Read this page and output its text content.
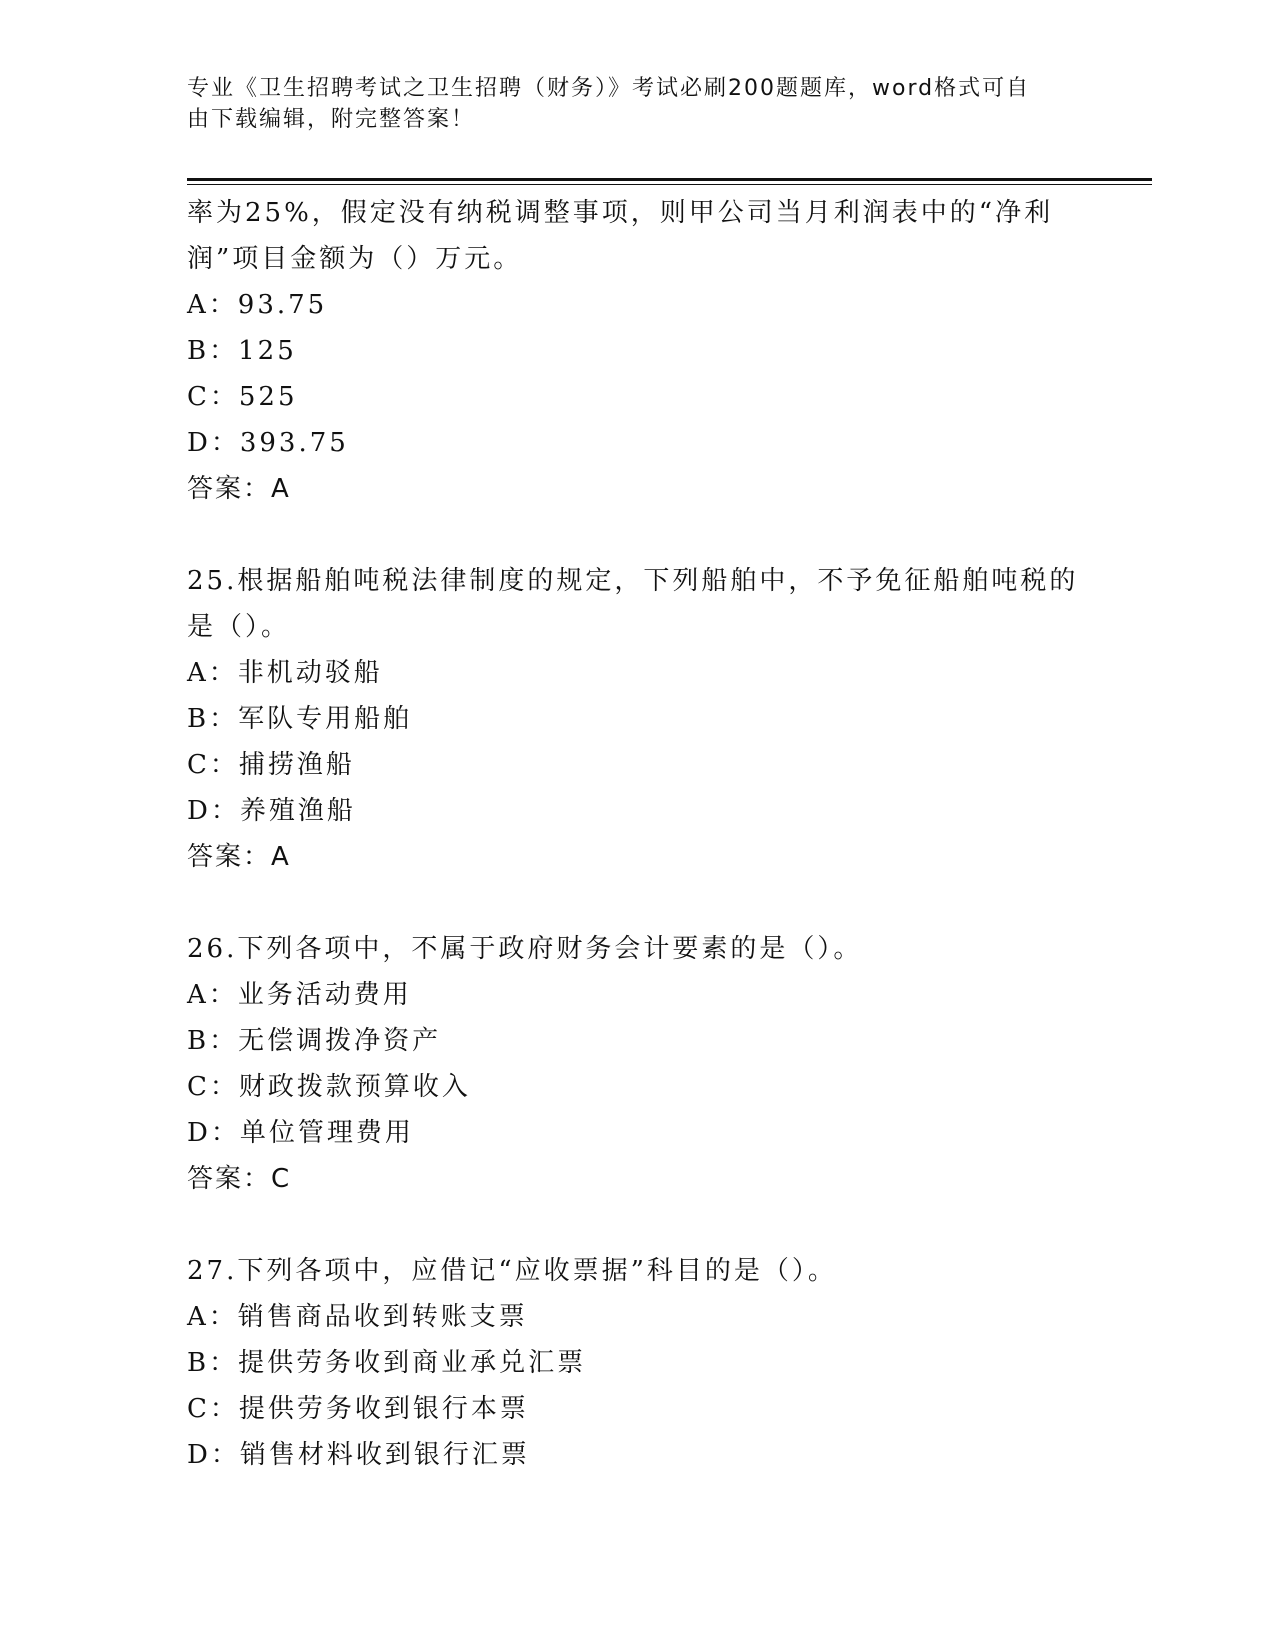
专业《卫生招聘考试之卫生招聘（财务）》考试必刷200题题库，word格式可自
由下载编辑，附完整答案！
率为25%，假定没有纳税调整事项，则甲公司当月利润表中的“净利
润”项目金额为（）万元。
A：93.75
B：125
C：525
D：393.75
答案：A
25.根据船舶吨税法律制度的规定，下列船舶中，不予免征船舶吨税的
是（）。
A：非机动驳船
B：军队专用船舶
C：捕捞渔船
D：养殖渔船
答案：A
26.下列各项中，不属于政府财务会计要素的是（）。
A：业务活动费用
B：无偿调拨净资产
C：财政拨款预算收入
D：单位管理费用
答案：C
27.下列各项中，应借记“应收票据”科目的是（）。
A：销售商品收到转账支票
B：提供劳务收到商业承兑汇票
C：提供劳务收到银行本票
D：销售材料收到银行汇票
